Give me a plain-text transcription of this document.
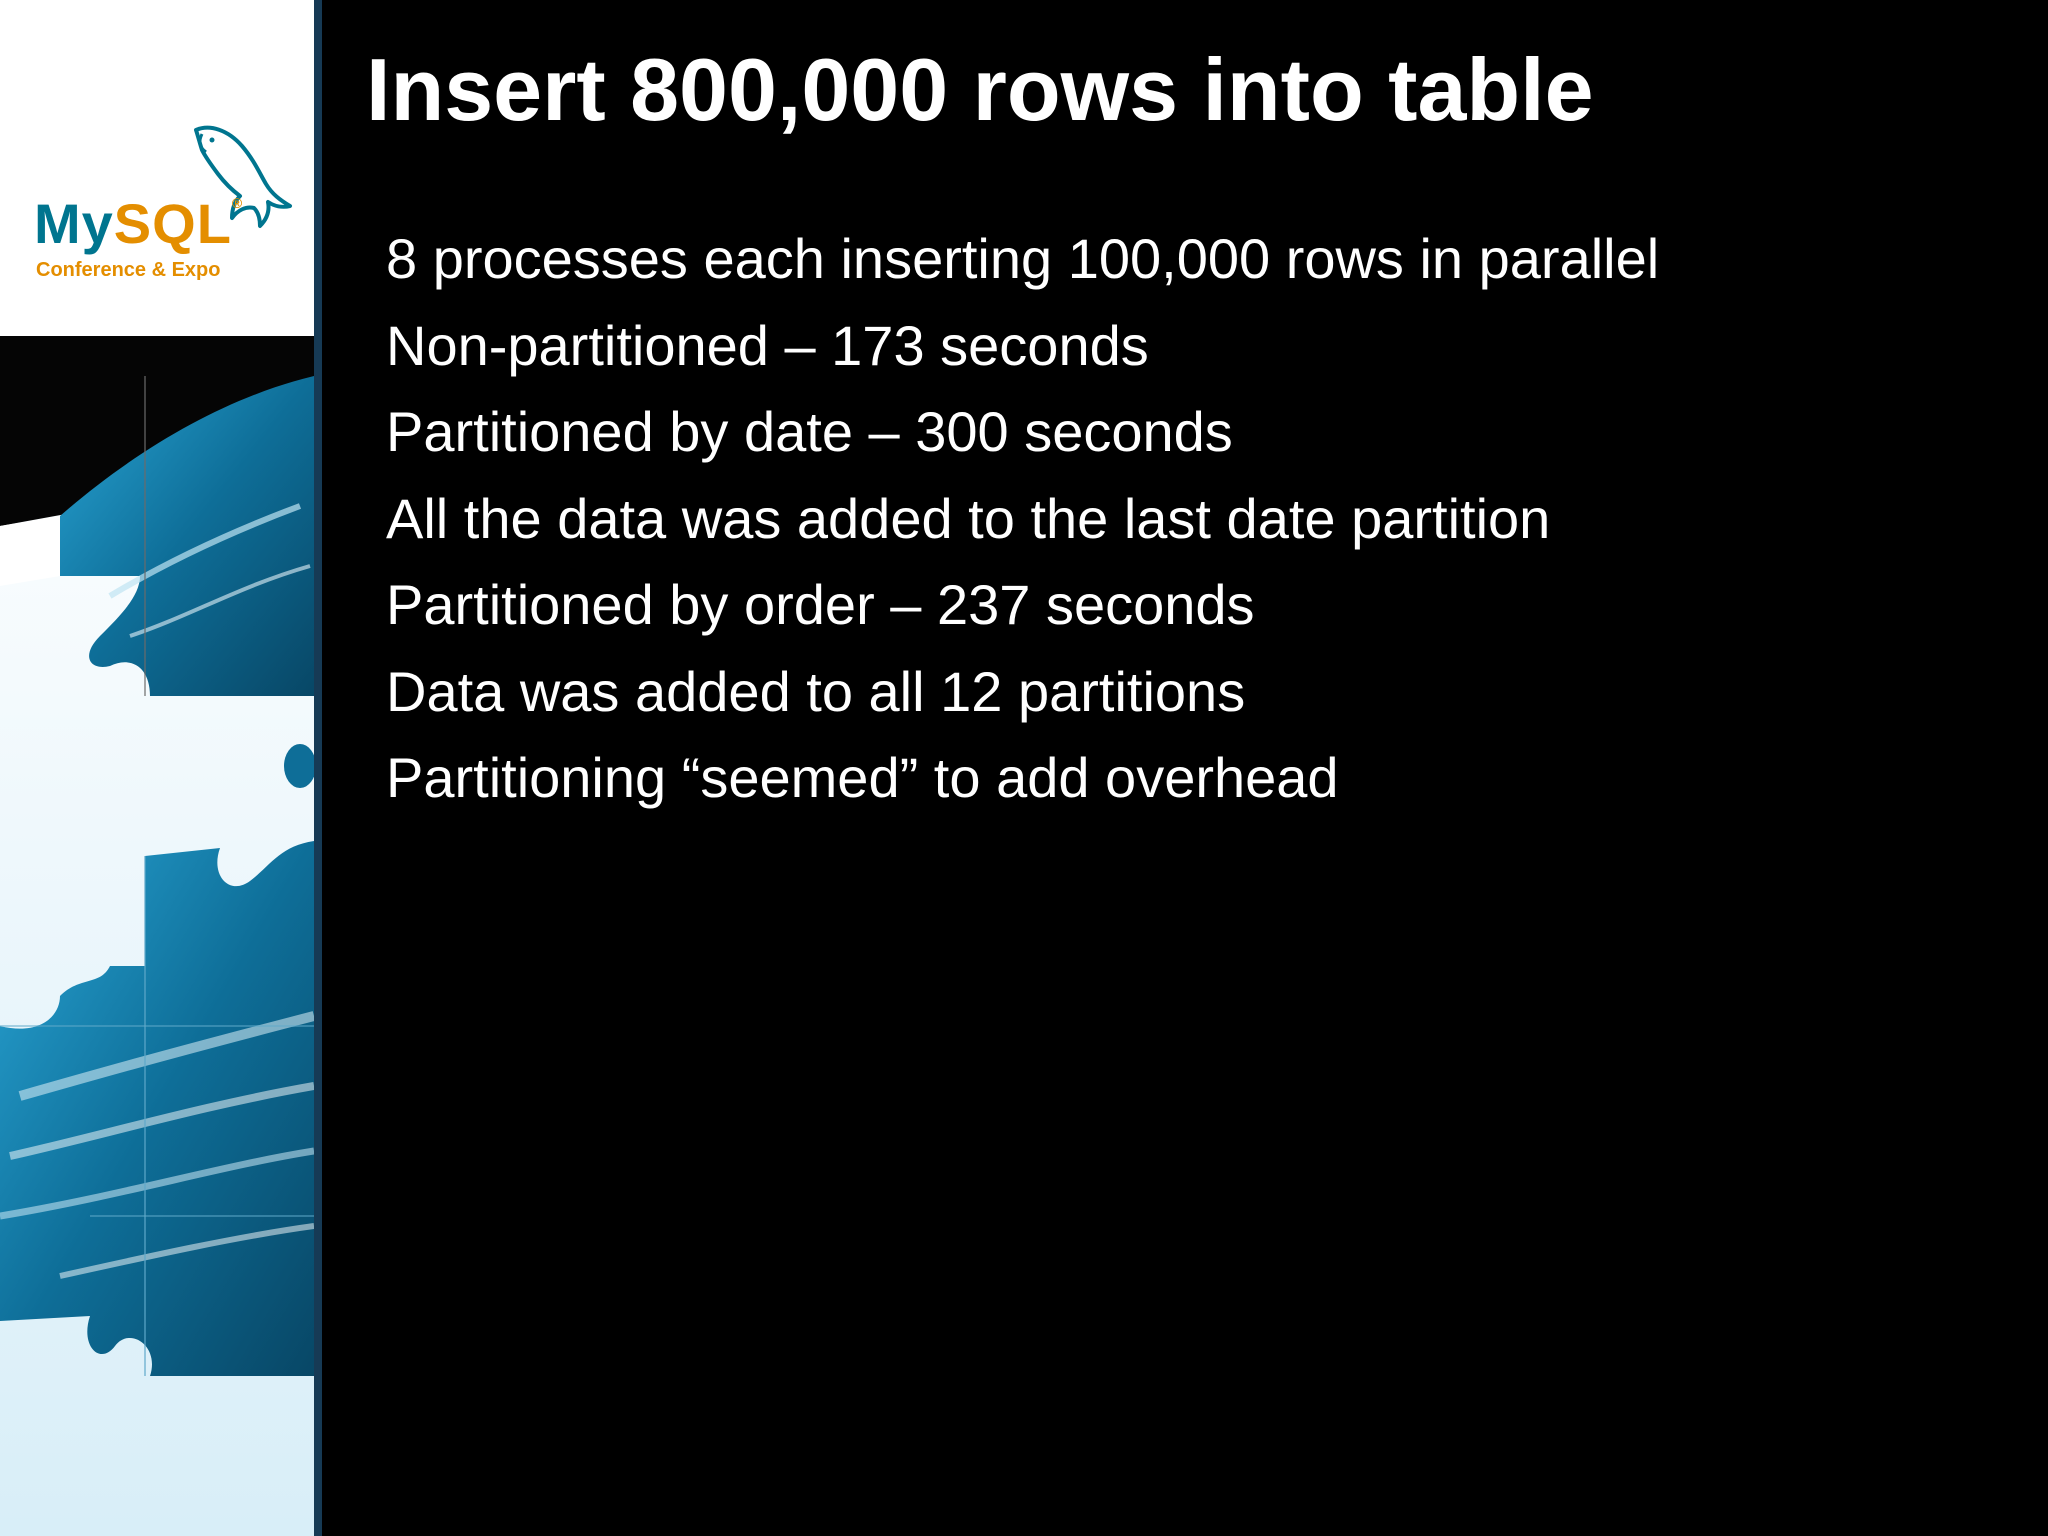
MySQL®
Conference & Expo
Insert 800,000 rows into table
8 processes each inserting 100,000 rows in parallel
Non-partitioned – 173 seconds
Partitioned by date – 300 seconds
All the data was added to the last date partition
Partitioned by order – 237 seconds
Data was added to all 12 partitions
Partitioning “seemed” to add overhead
